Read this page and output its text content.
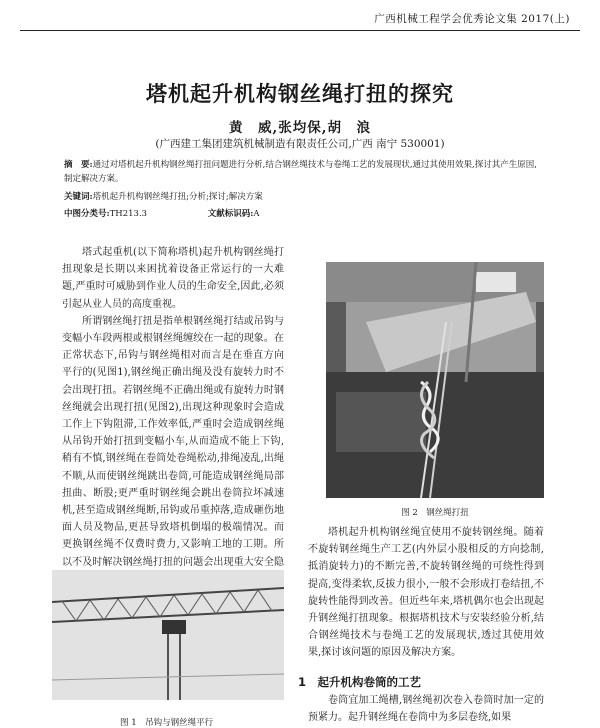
广西机械工程学会优秀论文集 2017(上)
塔机起升机构钢丝绳打扭的探究
黄　威,张均保,胡　浪
(广西建工集团建筑机械制造有限责任公司,广西 南宁 530001)
摘　要:通过对塔机起升机构钢丝绳打扭问题进行分析,结合钢丝绳技术与卷绳工艺的发展现状,通过其使用效果,探讨其产生原因,制定解决方案。
关键词:塔机起升机构钢丝绳打扭;分析;探讨;解决方案
中图分类号:TH213.3	文献标识码:A

塔式起重机(以下简称塔机)起升机构钢丝绳打扭现象是长期以来困扰着设备正常运行的一大难题,严重时可威胁到作业人员的生命安全,因此,必须引起从业人员的高度重视。

所谓钢丝绳打扭是指单根钢丝绳打结或吊钩与变幅小车段两根或根钢丝绳缠绞在一起的现象。在正常状态下,吊钩与钢丝绳相对而言是在垂直方向平行的(见图1),钢丝绳正确出绳及没有旋转力时不会出现打扭。若钢丝绳不正确出绳或有旋转力时钢丝绳就会出现打扭(见图2),出现这种现象时会造成工作上下钩阻滞,工作效率低,严重时会造成钢丝绳从吊钩开始打扭到变幅小车,从而造成不能上下钩,稍有不慎,钢丝绳在卷筒处卷绳松动,排绳凌乱,出绳不顺,从而使钢丝绳跳出卷筒,可能造成钢丝绳局部扭曲、断股;更严重时钢丝绳会跳出卷筒拉坏减速机,甚至造成钢丝绳断,吊钩或吊重掉落,造成砸伤地面人员及物品,更甚导致塔机倒塌的极端情况。而更换钢丝绳不仅费时费力,又影响工地的工期。所以不及时解决钢丝绳打扭的问题会出现重大安全隐

图 2　钢丝绳打扭

塔机起升机构钢丝绳宜使用不旋转钢丝绳。随着不旋转钢丝绳生产工艺(内外层小股相反的方向捻制,抵消旋转力)的不断完善,不旋转钢丝绳的可绕性得到提高,变得柔软,反拔力很小,一般不会形成打卷结扭,不旋转性能得到改善。但近些年来,塔机偶尔也会出现起升钢丝绳打扭现象。根据塔机技术与安装经验分析,结合钢丝绳技术与卷绳工艺的发展现状,透过其使用效果,探讨该问题的原因及解决方案。

1　 起升机构卷筒的工艺

卷筒宜加工绳槽,钢丝绳初次卷入卷筒时加一定的预紧力。起升钢丝绳在卷筒中为多层卷绕,如果

图 1　吊钩与钢丝绳平行
